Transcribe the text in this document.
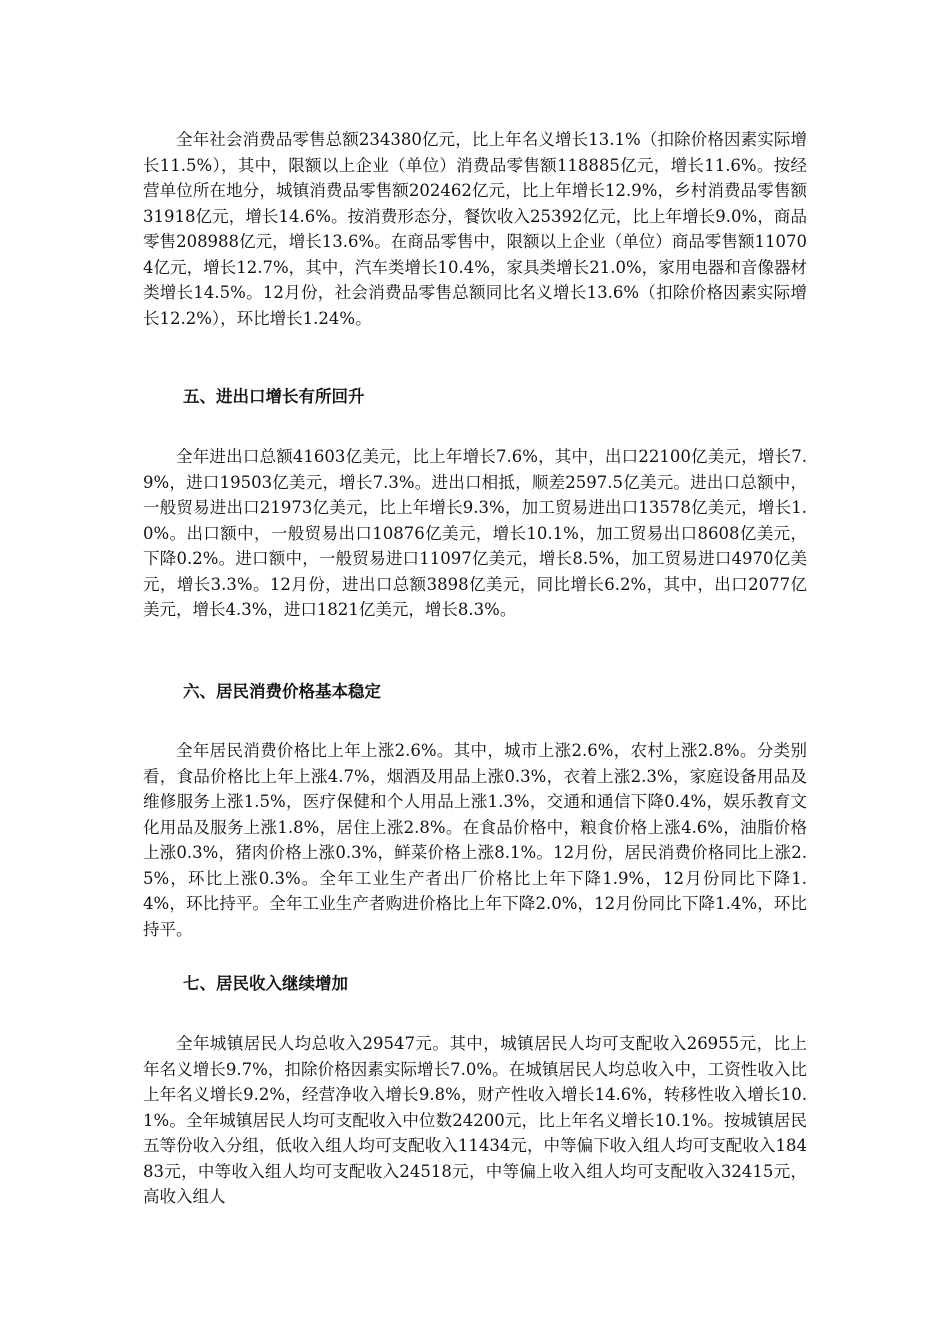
全年社会消费品零售总额234380亿元，比上年名义增长13.1%（扣除价格因素实际增长11.5%），其中，限额以上企业（单位）消费品零售额118885亿元，增长11.6%。按经营单位所在地分，城镇消费品零售额202462亿元，比上年增长12.9%，乡村消费品零售额31918亿元，增长14.6%。按消费形态分，餐饮收入25392亿元，比上年增长9.0%，商品零售208988亿元，增长13.6%。在商品零售中，限额以上企业（单位）商品零售额110704亿元，增长12.7%，其中，汽车类增长10.4%，家具类增长21.0%，家用电器和音像器材类增长14.5%。12月份，社会消费品零售总额同比名义增长13.6%（扣除价格因素实际增长12.2%），环比增长1.24%。

五、进出口增长有所回升

全年进出口总额41603亿美元，比上年增长7.6%，其中，出口22100亿美元，增长7.9%，进口19503亿美元，增长7.3%。进出口相抵，顺差2597.5亿美元。进出口总额中，一般贸易进出口21973亿美元，比上年增长9.3%，加工贸易进出口13578亿美元，增长1.0%。出口额中，一般贸易出口10876亿美元，增长10.1%，加工贸易出口8608亿美元，下降0.2%。进口额中，一般贸易进口11097亿美元，增长8.5%，加工贸易进口4970亿美元，增长3.3%。12月份，进出口总额3898亿美元，同比增长6.2%，其中，出口2077亿美元，增长4.3%，进口1821亿美元，增长8.3%。

六、居民消费价格基本稳定

全年居民消费价格比上年上涨2.6%。其中，城市上涨2.6%，农村上涨2.8%。分类别看，食品价格比上年上涨4.7%，烟酒及用品上涨0.3%，衣着上涨2.3%，家庭设备用品及维修服务上涨1.5%，医疗保健和个人用品上涨1.3%，交通和通信下降0.4%，娱乐教育文化用品及服务上涨1.8%，居住上涨2.8%。在食品价格中，粮食价格上涨4.6%，油脂价格上涨0.3%，猪肉价格上涨0.3%，鲜菜价格上涨8.1%。12月份，居民消费价格同比上涨2.5%，环比上涨0.3%。全年工业生产者出厂价格比上年下降1.9%，12月份同比下降1.4%，环比持平。全年工业生产者购进价格比上年下降2.0%，12月份同比下降1.4%，环比持平。

七、居民收入继续增加

全年城镇居民人均总收入29547元。其中，城镇居民人均可支配收入26955元，比上年名义增长9.7%，扣除价格因素实际增长7.0%。在城镇居民人均总收入中，工资性收入比上年名义增长9.2%，经营净收入增长9.8%，财产性收入增长14.6%，转移性收入增长10.1%。全年城镇居民人均可支配收入中位数24200元，比上年名义增长10.1%。按城镇居民五等份收入分组，低收入组人均可支配收入11434元，中等偏下收入组人均可支配收入18483元，中等收入组人均可支配收入24518元，中等偏上收入组人均可支配收入32415元，高收入组人
